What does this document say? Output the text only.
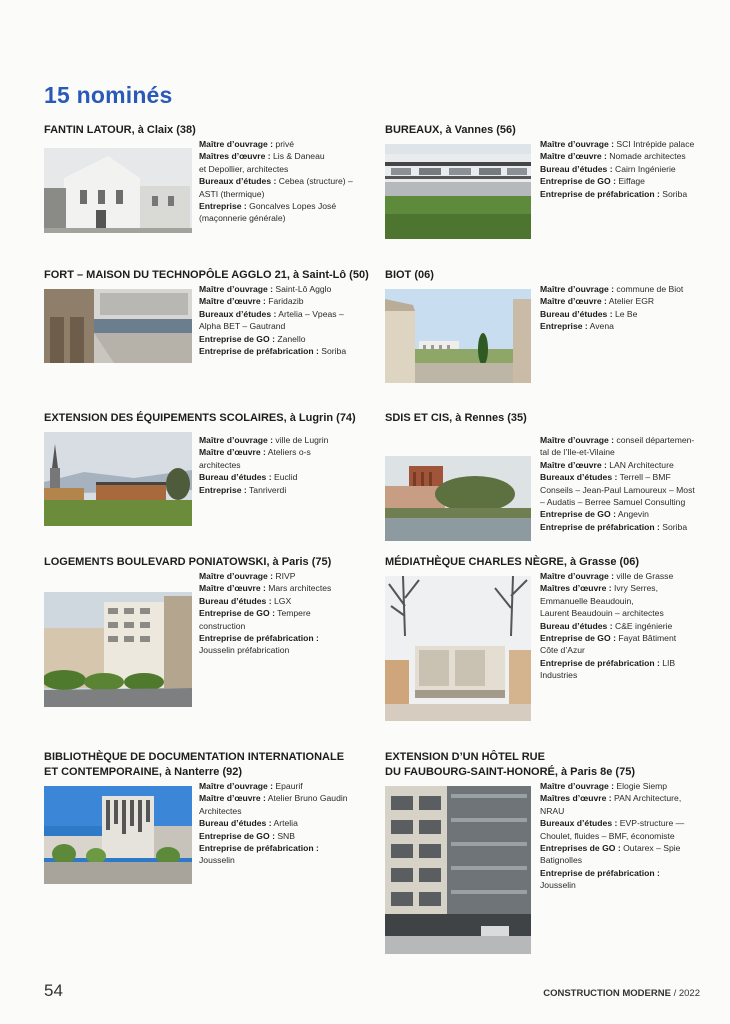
15 nominés
FANTIN LATOUR, à Claix (38)
Maître d’ouvrage : privé
Maîtres d’œuvre : Lis & Daneau
et Depollier, architectes
Bureaux d’études : Cebea (structure) –
ASTI (thermique)
Entreprise : Goncalves Lopes José
(maçonnerie générale)
BUREAUX, à Vannes (56)
Maître d’ouvrage : SCI Intrépide palace
Maître d’œuvre : Nomade architectes
Bureau d’études : Cairn Ingénierie
Entreprise de GO : Eiffage
Entreprise de préfabrication : Soriba
FORT – MAISON DU TECHNOPÔLE AGGLO 21, à Saint-Lô (50)
Maître d’ouvrage : Saint-Lô Agglo
Maître d’œuvre : Faridazib
Bureaux d’études : Artelia – Vpeas –
Alpha BET – Gautrand
Entreprise de GO : Zanello
Entreprise de préfabrication : Soriba
BIOT (06)
Maître d’ouvrage : commune de Biot
Maître d’œuvre : Atelier EGR
Bureau d’études : Le Be
Entreprise : Avena
EXTENSION DES ÉQUIPEMENTS SCOLAIRES, à Lugrin (74)
Maître d’ouvrage : ville de Lugrin
Maître d’œuvre : Ateliers o-s
architectes
Bureau d’études : Euclid
Entreprise : Tanriverdi
SDIS ET CIS, à Rennes (35)
Maître d’ouvrage : conseil départemen-
tal de l’Ile-et-Vilaine
Maître d’œuvre : LAN Architecture
Bureaux d’études : Terrell – BMF
Conseils – Jean-Paul Lamoureux – Most
– Audatis – Berree Samuel Consulting
Entreprise de GO : Angevin
Entreprise de préfabrication : Soriba
LOGEMENTS BOULEVARD PONIATOWSKI, à Paris (75)
Maître d’ouvrage : RIVP
Maître d’œuvre : Mars architectes
Bureau d’études : LGX
Entreprise de GO : Tempere
construction
Entreprise de préfabrication :
Jousselin préfabrication
MÉDIATHÈQUE CHARLES NÈGRE, à Grasse (06)
Maître d’ouvrage : ville de Grasse
Maîtres d’œuvre : Ivry Serres,
Emmanuelle Beaudouin,
Laurent Beaudouin – architectes
Bureau d’études : C&E ingénierie
Entreprise de GO : Fayat Bâtiment
Côte d’Azur
Entreprise de préfabrication : LIB
Industries
BIBLIOTHÈQUE DE DOCUMENTATION INTERNATIONALE
ET CONTEMPORAINE, à Nanterre (92)
Maître d’ouvrage : Epaurif
Maître d’œuvre : Atelier Bruno Gaudin
Architectes
Bureau d’études : Artelia
Entreprise de GO : SNB
Entreprise de préfabrication :
Jousselin
EXTENSION D’UN HÔTEL RUE
DU FAUBOURG-SAINT-HONORÉ, à Paris 8e (75)
Maître d’ouvrage : Elogie Siemp
Maîtres d’œuvre : PAN Architecture,
NRAU
Bureaux d’études : EVP-structure —
Choulet, fluides – BMF, économiste
Entreprises de GO : Outarex – Spie
Batignolles
Entreprise de préfabrication :
Jousselin
54	CONSTRUCTION MODERNE / 2022
